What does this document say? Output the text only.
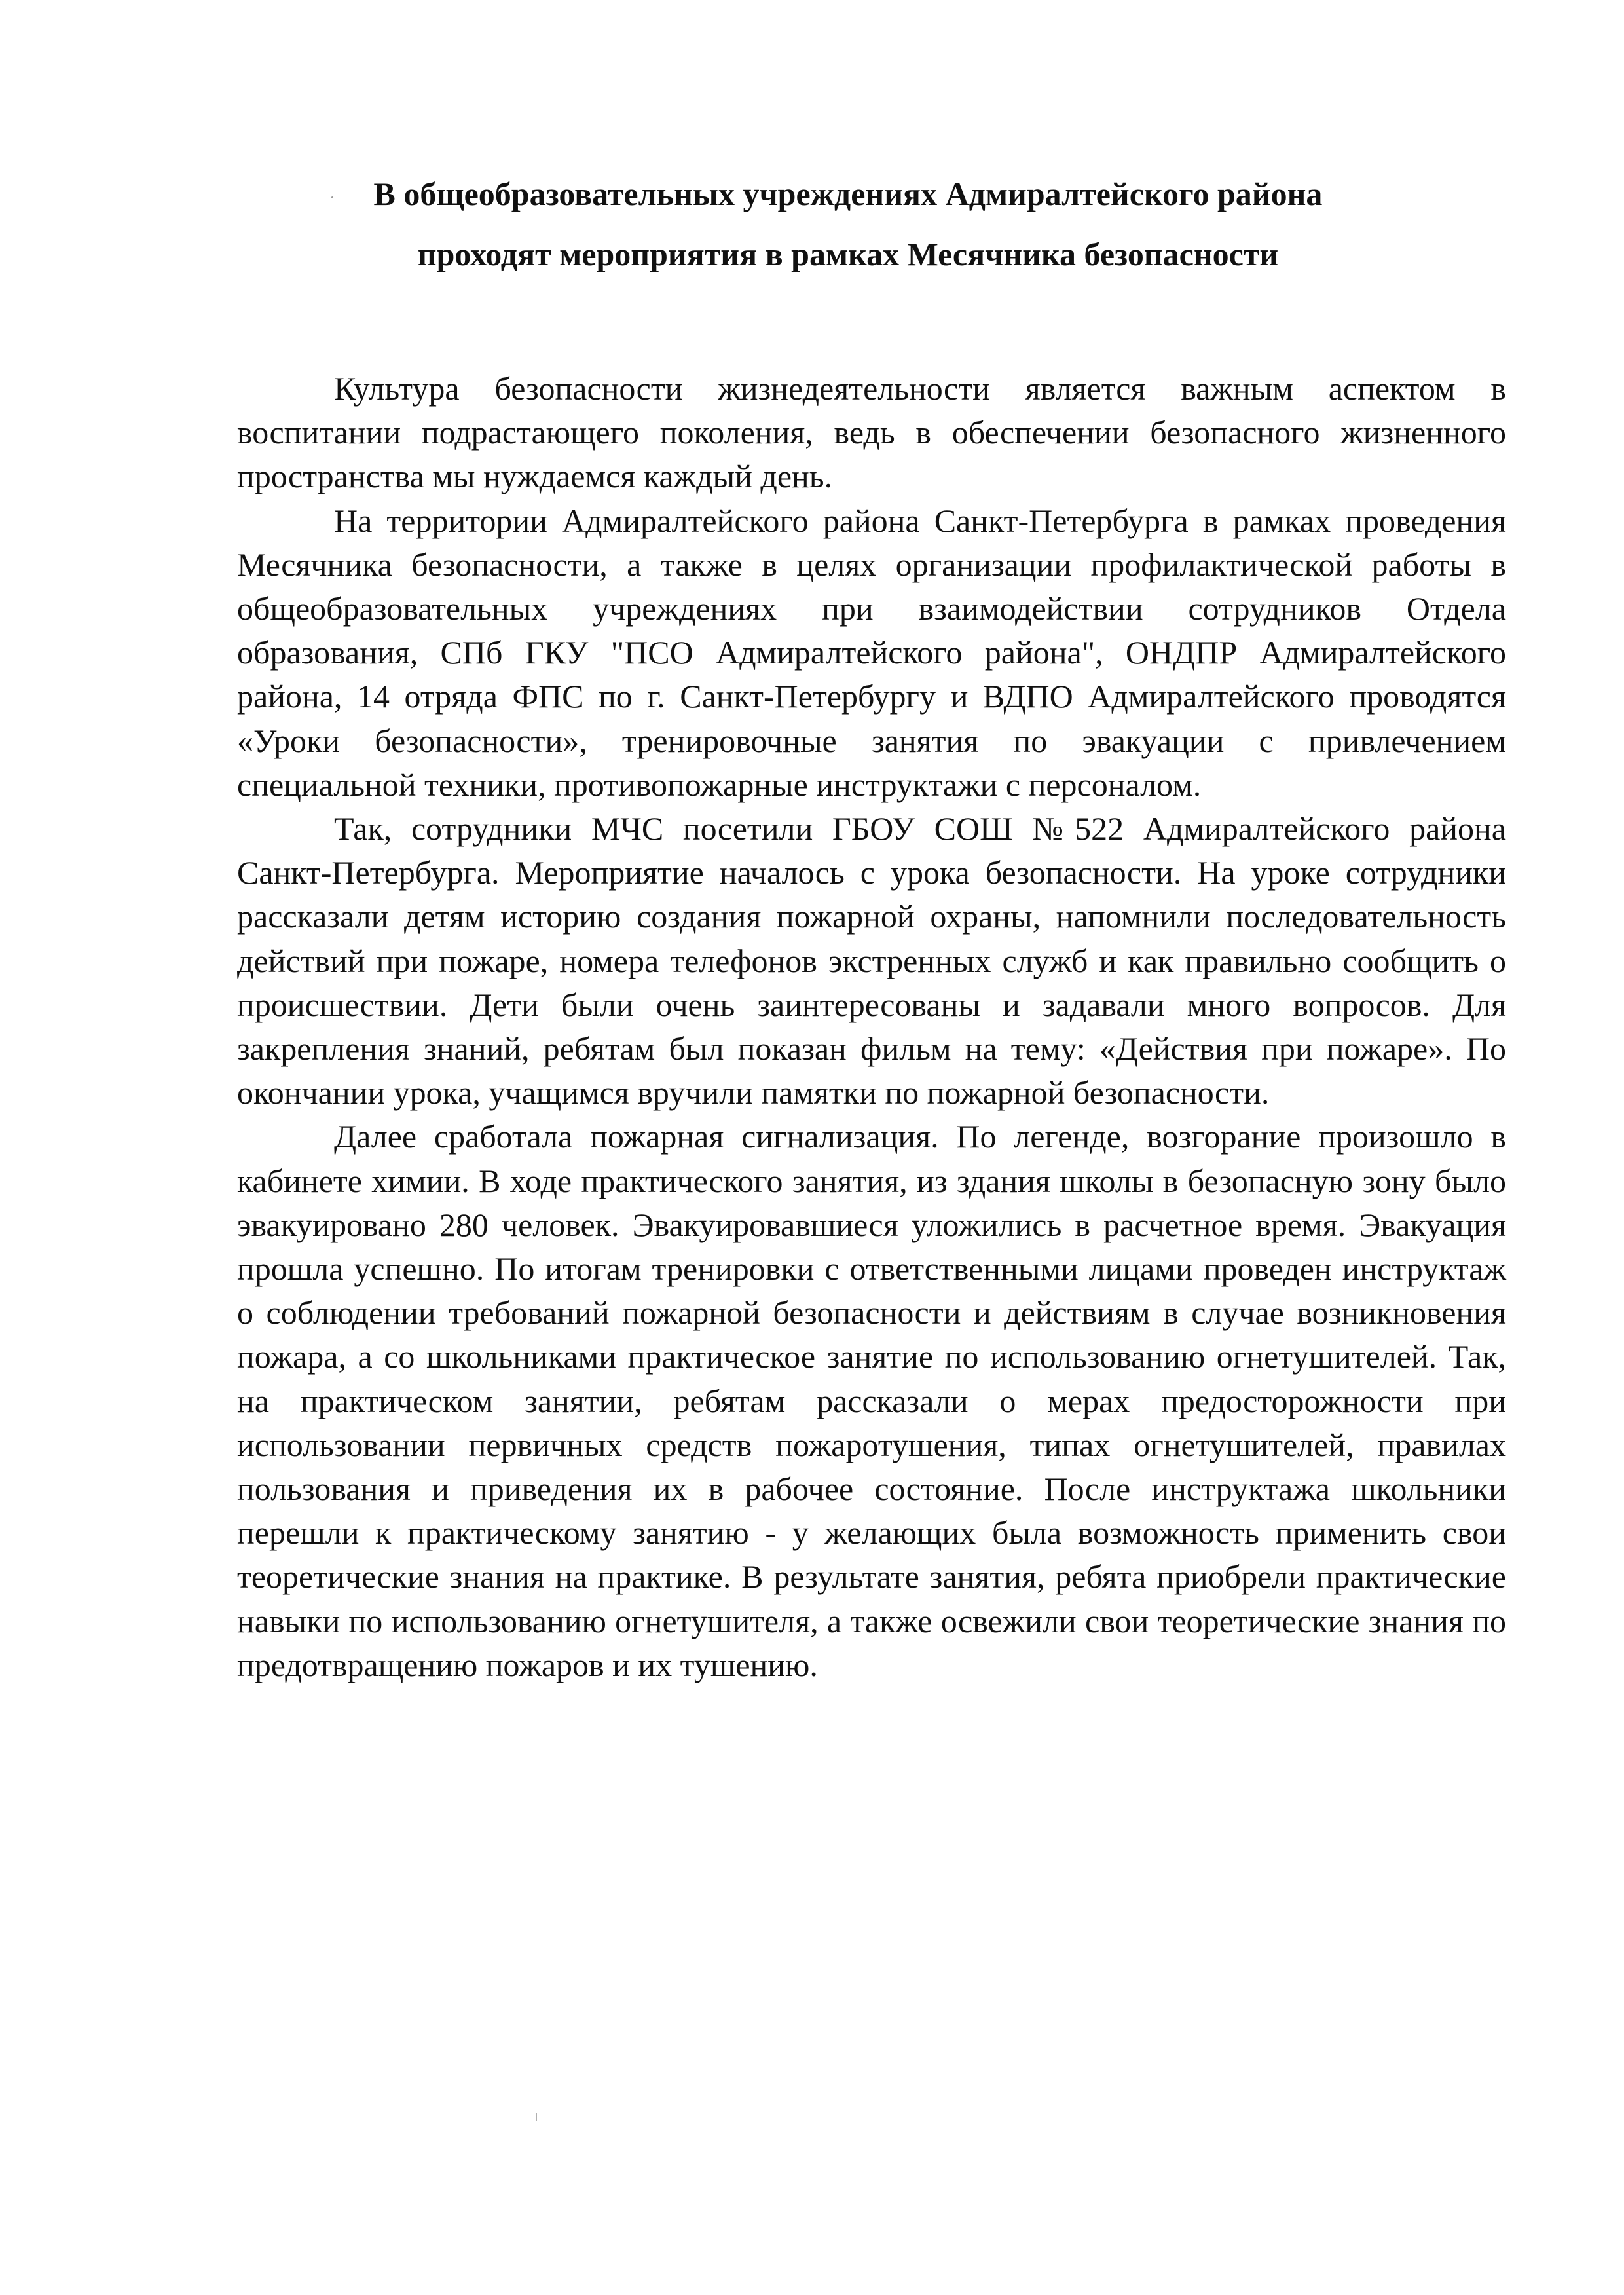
В общеобразовательных учреждениях Адмиралтейского района
проходят мероприятия в рамках Месячника безопасности

Культура безопасности жизнедеятельности является важным аспектом в воспитании подрастающего поколения, ведь в обеспечении безопасного жизненного пространства мы нуждаемся каждый день.

На территории Адмиралтейского района Санкт-Петербурга в рамках проведения Месячника безопасности, а также в целях организации профилактической работы в общеобразовательных учреждениях при взаимодействии сотрудников Отдела образования, СПб ГКУ "ПСО Адмиралтейского района", ОНДПР Адмиралтейского района, 14 отряда ФПС по г. Санкт-Петербургу и ВДПО Адмиралтейского проводятся «Уроки безопасности», тренировочные занятия по эвакуации с привлечением специальной техники, противопожарные инструктажи с персоналом.

Так, сотрудники МЧС посетили ГБОУ СОШ №522 Адмиралтейского района Санкт-Петербурга. Мероприятие началось с урока безопасности. На уроке сотрудники рассказали детям историю создания пожарной охраны, напомнили последовательность действий при пожаре, номера телефонов экстренных служб и как правильно сообщить о происшествии. Дети были очень заинтересованы и задавали много вопросов. Для закрепления знаний, ребятам был показан фильм на тему: «Действия при пожаре». По окончании урока, учащимся вручили памятки по пожарной безопасности.

Далее сработала пожарная сигнализация. По легенде, возгорание произошло в кабинете химии. В ходе практического занятия, из здания школы в безопасную зону было эвакуировано 280 человек. Эвакуировавшиеся уложились в расчетное время. Эвакуация прошла успешно. По итогам тренировки с ответственными лицами проведен инструктаж о соблюдении требований пожарной безопасности и действиям в случае возникновения пожара, а со школьниками практическое занятие по использованию огнетушителей. Так, на практическом занятии, ребятам рассказали о мерах предосторожности при использовании первичных средств пожаротушения, типах огнетушителей, правилах пользования и приведения их в рабочее состояние. После инструктажа школьники перешли к практическому занятию - у желающих была возможность применить свои теоретические знания на практике. В результате занятия, ребята приобрели практические навыки по использованию огнетушителя, а также освежили свои теоретические знания по предотвращению пожаров и их тушению.
